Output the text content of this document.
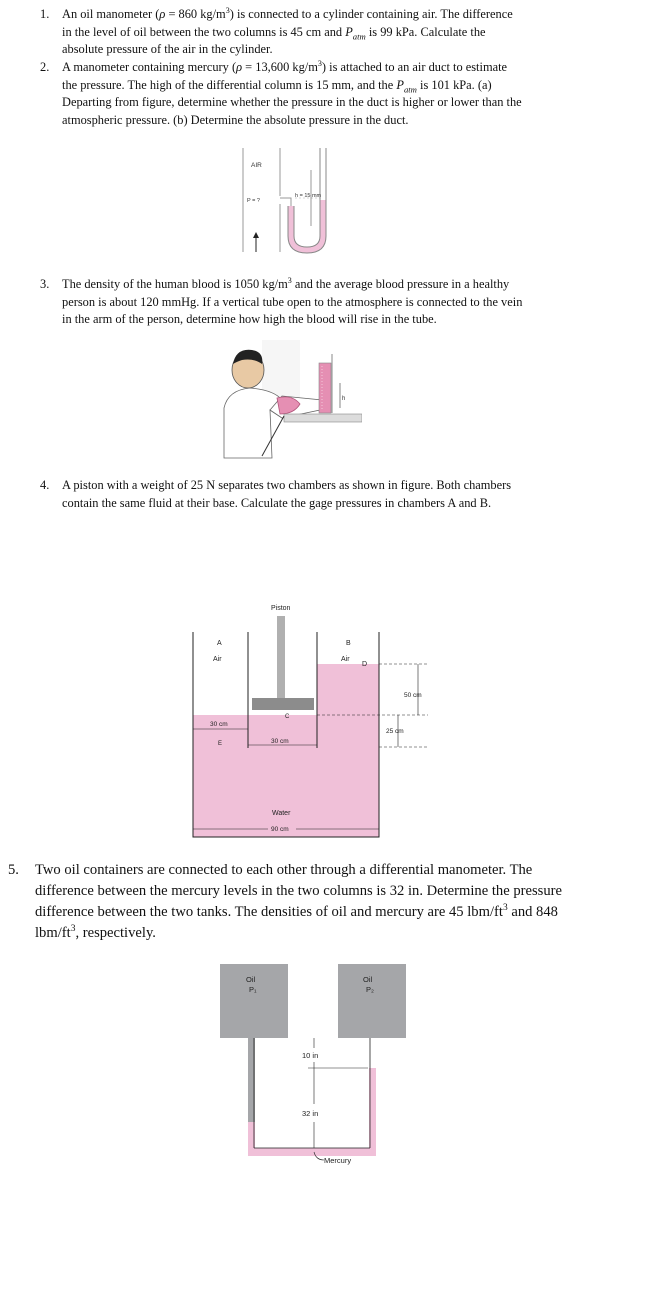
1. An oil manometer (ρ = 860 $kg/m^3$) is connected to a cylinder containing air. The difference
in the level of oil between the two columns is 45 cm and $P_{atm}$ is 99 kPa. Calculate the
absolute pressure of the air in the cylinder.
2. A manometer containing mercury (ρ = 13,600 $kg/m^3$) is attached to an air duct to estimate
the pressure. The high of the differential column is 15 mm, and the $P_{atm}$ is 101 kPa. (a)
Departing from figure, determine whether the pressure in the duct is higher or lower than the
atmospheric pressure. (b) Determine the absolute pressure in the duct.
AIR
P = ?
h = 15 mm
3. The density of the human blood is 1050 $kg/m^3$ and the average blood pressure in a healthy
person is about 120 mmHg. If a vertical tube open to the atmosphere is connected to the vein
in the arm of the person, determine how high the blood will rise in the tube.
h
4. A piston with a weight of 25 N separates two chambers as shown in figure. Both chambers
contain the same fluid at their base. Calculate the gage pressures in chambers A and B.
Piston
A
Air
B
Air
D
C
E
30 cm
30 cm
50 cm
25 cm
Water
90 cm
5. Two oil containers are connected to each other through a differential manometer. The
difference between the mercury levels in the two columns is 32 in. Determine the pressure
difference between the two tanks. The densities of oil and mercury are 45 lbm/$ft^3$ and 848
lbm/$ft^3$, respectively.
Oil
P₁
Oil
P₂
10 in
32 in
Mercury
